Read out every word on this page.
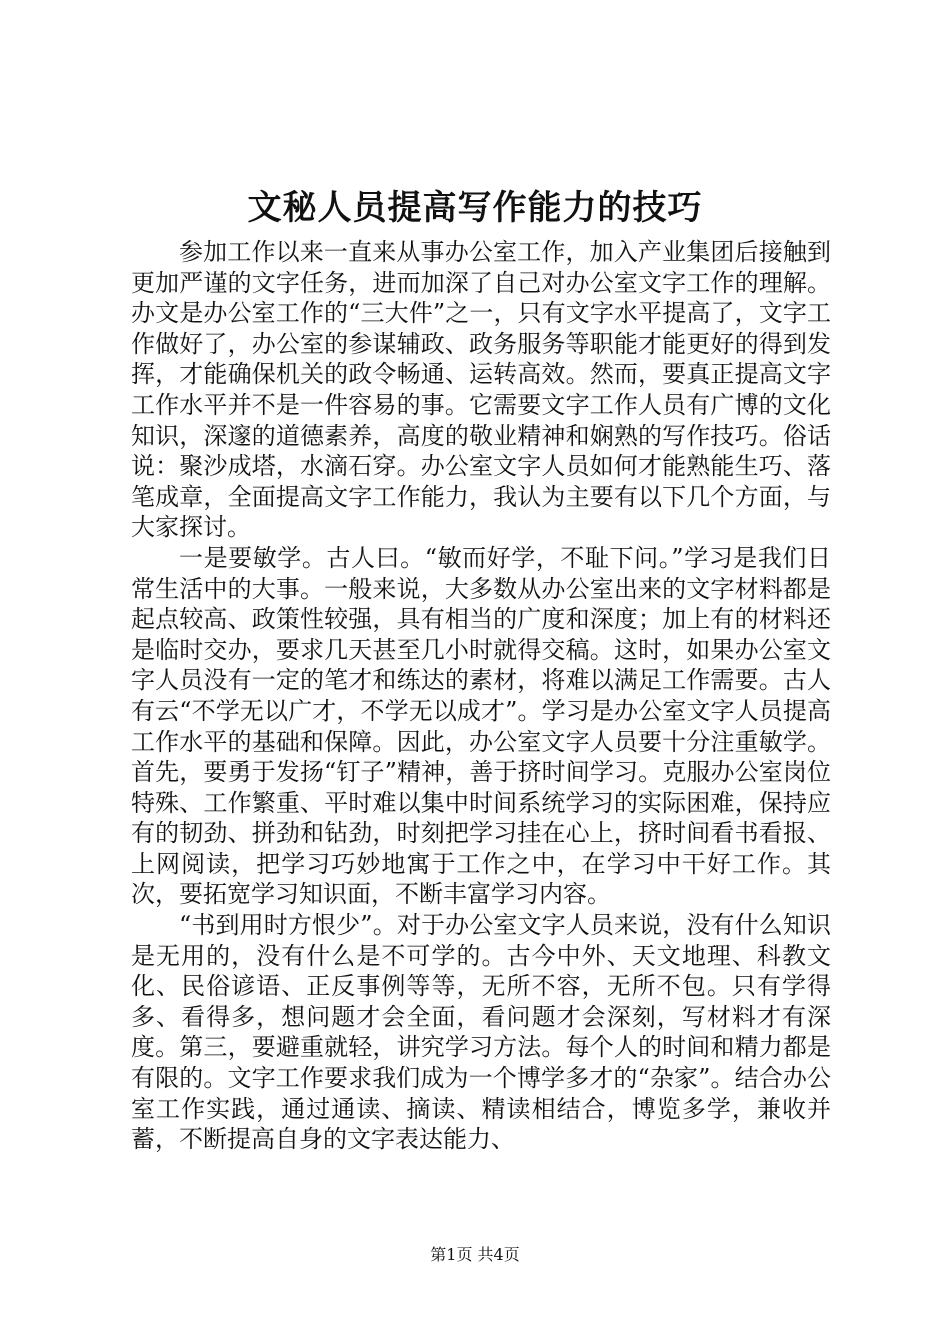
文秘人员提高写作能力的技巧

参加工作以来一直来从事办公室工作，加入产业集团后接触到更加严谨的文字任务，进而加深了自己对办公室文字工作的理解。办文是办公室工作的“三大件”之一，只有文字水平提高了，文字工作做好了，办公室的参谋辅政、政务服务等职能才能更好的得到发挥，才能确保机关的政令畅通、运转高效。然而，要真正提高文字工作水平并不是一件容易的事。它需要文字工作人员有广博的文化知识，深邃的道德素养，高度的敬业精神和娴熟的写作技巧。俗话说：聚沙成塔，水滴石穿。办公室文字人员如何才能熟能生巧、落笔成章，全面提高文字工作能力，我认为主要有以下几个方面，与大家探讨。

一是要敏学。古人曰。“敏而好学，不耻下问。”学习是我们日常生活中的大事。一般来说，大多数从办公室出来的文字材料都是起点较高、政策性较强，具有相当的广度和深度；加上有的材料还是临时交办，要求几天甚至几小时就得交稿。这时，如果办公室文字人员没有一定的笔才和练达的素材，将难以满足工作需要。古人有云“不学无以广才，不学无以成才”。学习是办公室文字人员提高工作水平的基础和保障。因此，办公室文字人员要十分注重敏学。首先，要勇于发扬“钉子”精神，善于挤时间学习。克服办公室岗位特殊、工作繁重、平时难以集中时间系统学习的实际困难，保持应有的韧劲、拼劲和钻劲，时刻把学习挂在心上，挤时间看书看报、上网阅读，把学习巧妙地寓于工作之中，在学习中干好工作。其次，要拓宽学习知识面，不断丰富学习内容。

“书到用时方恨少”。对于办公室文字人员来说，没有什么知识是无用的，没有什么是不可学的。古今中外、天文地理、科教文化、民俗谚语、正反事例等等，无所不容，无所不包。只有学得多、看得多，想问题才会全面，看问题才会深刻，写材料才有深度。第三，要避重就轻，讲究学习方法。每个人的时间和精力都是有限的。文字工作要求我们成为一个博学多才的“杂家”。结合办公室工作实践，通过通读、摘读、精读相结合，博览多学，兼收并蓄，不断提高自身的文字表达能力、

第1页 共4页
